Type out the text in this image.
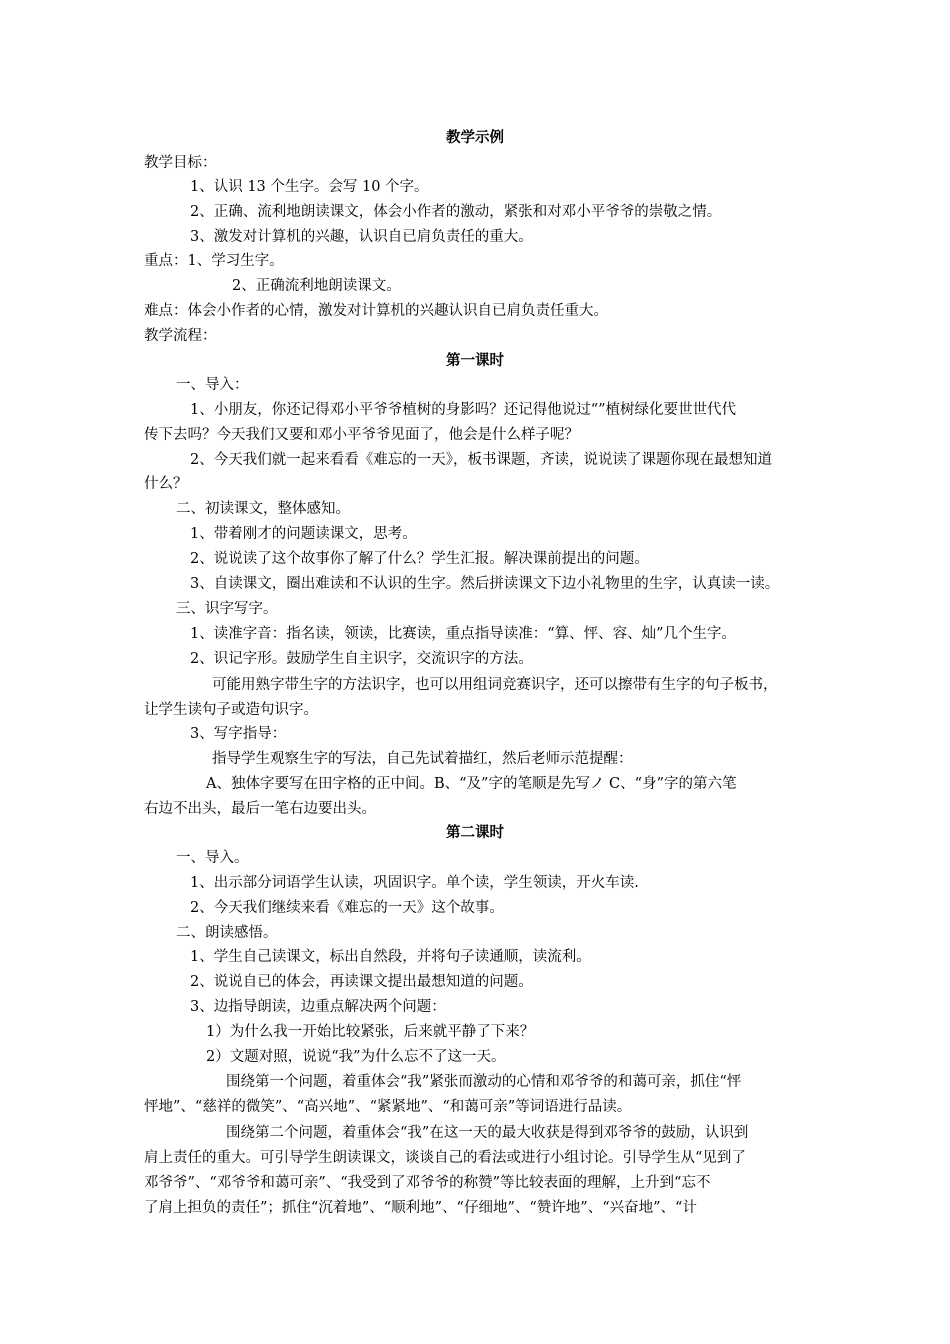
教学示例
教学目标：
1、认识 13 个生字。会写 10 个字。
2、正确、流利地朗读课文，体会小作者的激动，紧张和对邓小平爷爷的崇敬之情。
3、激发对计算机的兴趣，认识自已肩负责任的重大。
重点：1、学习生字。
2、正确流利地朗读课文。
难点：体会小作者的心情，激发对计算机的兴趣认识自已肩负责任重大。
教学流程：
第一课时
一、导入：
1、小朋友，你还记得邓小平爷爷植树的身影吗？还记得他说过“”植树绿化要世世代代
传下去吗？今天我们又要和邓小平爷爷见面了，他会是什么样子呢？
2、今天我们就一起来看看《难忘的一天》，板书课题，齐读，说说读了课题你现在最想知道
什么？
二、初读课文，整体感知。
1、带着刚才的问题读课文，思考。
2、说说读了这个故事你了解了什么？学生汇报。解决课前提出的问题。
3、自读课文，圈出难读和不认识的生字。然后拼读课文下边小礼物里的生字，认真读一读。
三、识字写字。
1、读准字音：指名读，领读，比赛读，重点指导读准：“算、怦、容、灿”几个生字。
2、识记字形。鼓励学生自主识字，交流识字的方法。
可能用熟字带生字的方法识字，也可以用组词竞赛识字，还可以擦带有生字的句子板书，
让学生读句子或造句识字。
3、写字指导：
指导学生观察生字的写法，自己先试着描红，然后老师示范提醒：
A、独体字要写在田字格的正中间。B、“及”字的笔顺是先写ノ C、“身”字的第六笔
右边不出头，最后一笔右边要出头。
第二课时
一、导入。
1、出示部分词语学生认读，巩固识字。单个读，学生领读，开火车读.
2、今天我们继续来看《难忘的一天》这个故事。
二、朗读感悟。
1、学生自己读课文，标出自然段，并将句子读通顺，读流利。
2、说说自已的体会，再读课文提出最想知道的问题。
3、边指导朗读，边重点解决两个问题：
1）为什么我一开始比较紧张，后来就平静了下来？
2）文题对照，说说“我”为什么忘不了这一天。
围绕第一个问题，着重体会“我”紧张而激动的心情和邓爷爷的和蔼可亲，抓住“怦
怦地”、“慈祥的微笑”、“高兴地”、“紧紧地”、“和蔼可亲”等词语进行品读。
围绕第二个问题，着重体会“我”在这一天的最大收获是得到邓爷爷的鼓励，认识到
肩上责任的重大。可引导学生朗读课文，谈谈自己的看法或进行小组讨论。引导学生从“见到了
邓爷爷”、“邓爷爷和蔼可亲”、“我受到了邓爷爷的称赞”等比较表面的理解，上升到“忘不
了肩上担负的责任”；抓住“沉着地”、“顺利地”、“仔细地”、“赞许地”、“兴奋地”、“计
